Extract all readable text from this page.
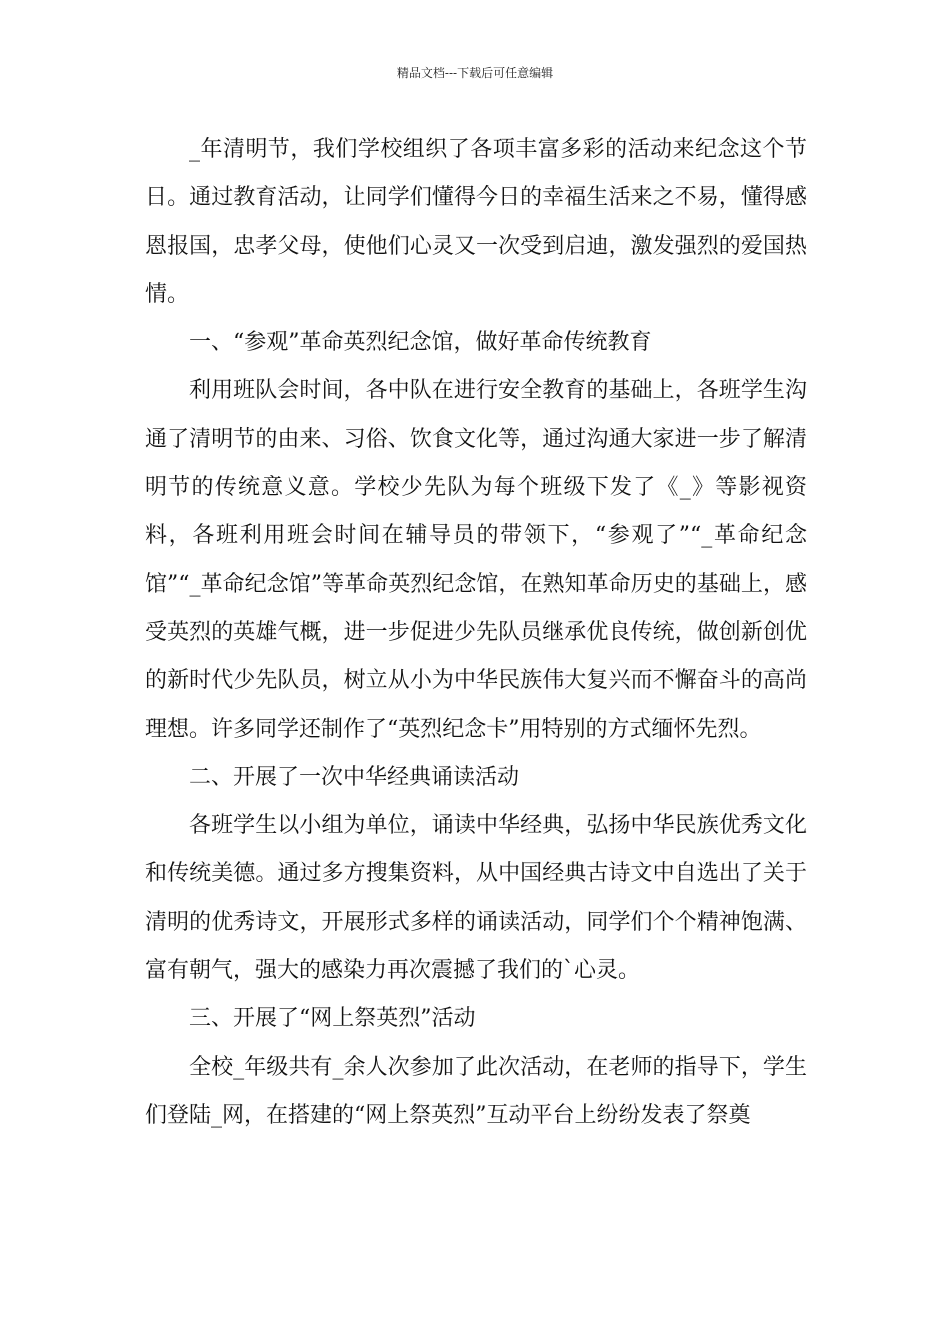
精品文档---下载后可任意编辑

_年清明节，我们学校组织了各项丰富多彩的活动来纪念这个节日。通过教育活动，让同学们懂得今日的幸福生活来之不易，懂得感恩报国，忠孝父母，使他们心灵又一次受到启迪，激发强烈的爱国热情。

一、“参观”革命英烈纪念馆，做好革命传统教育

利用班队会时间，各中队在进行安全教育的基础上，各班学生沟通了清明节的由来、习俗、饮食文化等，通过沟通大家进一步了解清明节的传统意义意。学校少先队为每个班级下发了《_》等影视资料，各班利用班会时间在辅导员的带领下，“参观了”“_革命纪念馆”“_革命纪念馆”等革命英烈纪念馆，在熟知革命历史的基础上，感受英烈的英雄气概，进一步促进少先队员继承优良传统，做创新创优的新时代少先队员，树立从小为中华民族伟大复兴而不懈奋斗的高尚理想。许多同学还制作了“英烈纪念卡”用特别的方式缅怀先烈。

二、开展了一次中华经典诵读活动

各班学生以小组为单位，诵读中华经典，弘扬中华民族优秀文化和传统美德。通过多方搜集资料，从中国经典古诗文中自选出了关于清明的优秀诗文，开展形式多样的诵读活动，同学们个个精神饱满、富有朝气，强大的感染力再次震撼了我们的`心灵。

三、开展了“网上祭英烈”活动

全校_年级共有_余人次参加了此次活动，在老师的指导下，学生们登陆_网，在搭建的“网上祭英烈”互动平台上纷纷发表了祭奠
